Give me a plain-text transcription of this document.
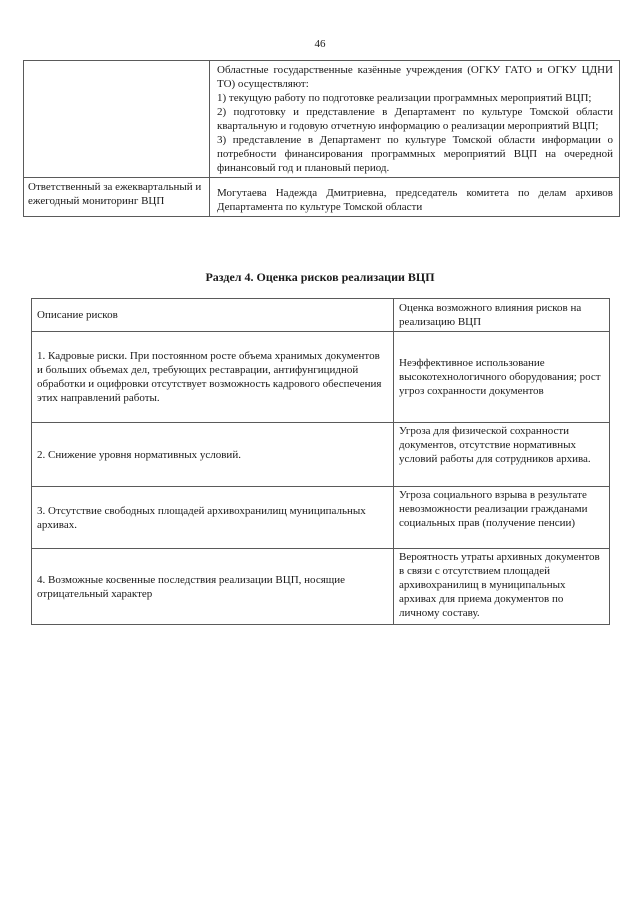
46

	Областные государственные казённые учреждения (ОГКУ ГАТО и ОГКУ ЦДНИ ТО) осуществляют:

1) текущую работу по подготовке реализации программных мероприятий ВЦП;

2) подготовку и представление в Департамент по культуре Томской области квартальную и годовую отчетную информацию о реализации мероприятий ВЦП;

3) представление в Департамент по культуре Томской области информации о потребности финансирования программных мероприятий ВЦП на очередной финансовый год и плановый период.

Ответственный за ежеквартальный и ежегодный мониторинг ВЦП	Могутаева Надежда Дмитриевна, председатель комитета по делам архивов Департамента по культуре Томской области
Раздел 4. Оценка рисков реализации ВЦП
Описание рисков	Оценка возможного влияния рисков на реализацию ВЦП
1. Кадровые риски. При постоянном росте объема хранимых документов и больших объемах дел, требующих реставрации, антифунгицидной обработки и оцифровки отсутствует возможность кадрового обеспечения этих направлений работы.	Неэффективное использование высокотехнологичного оборудования; рост угроз сохранности документов
2. Снижение уровня нормативных условий.	Угроза для физической сохранности документов, отсутствие нормативных условий работы для сотрудников архива.
3. Отсутствие свободных площадей архивохранилищ муниципальных архивах.	Угроза социального взрыва в результате невозможности реализации гражданами социальных прав (получение пенсии)
4. Возможные косвенные последствия реализации ВЦП, носящие отрицательный характер	Вероятность утраты архивных документов в связи с отсутствием площадей архивохранилищ в муниципальных архивах для приема документов по личному составу.
